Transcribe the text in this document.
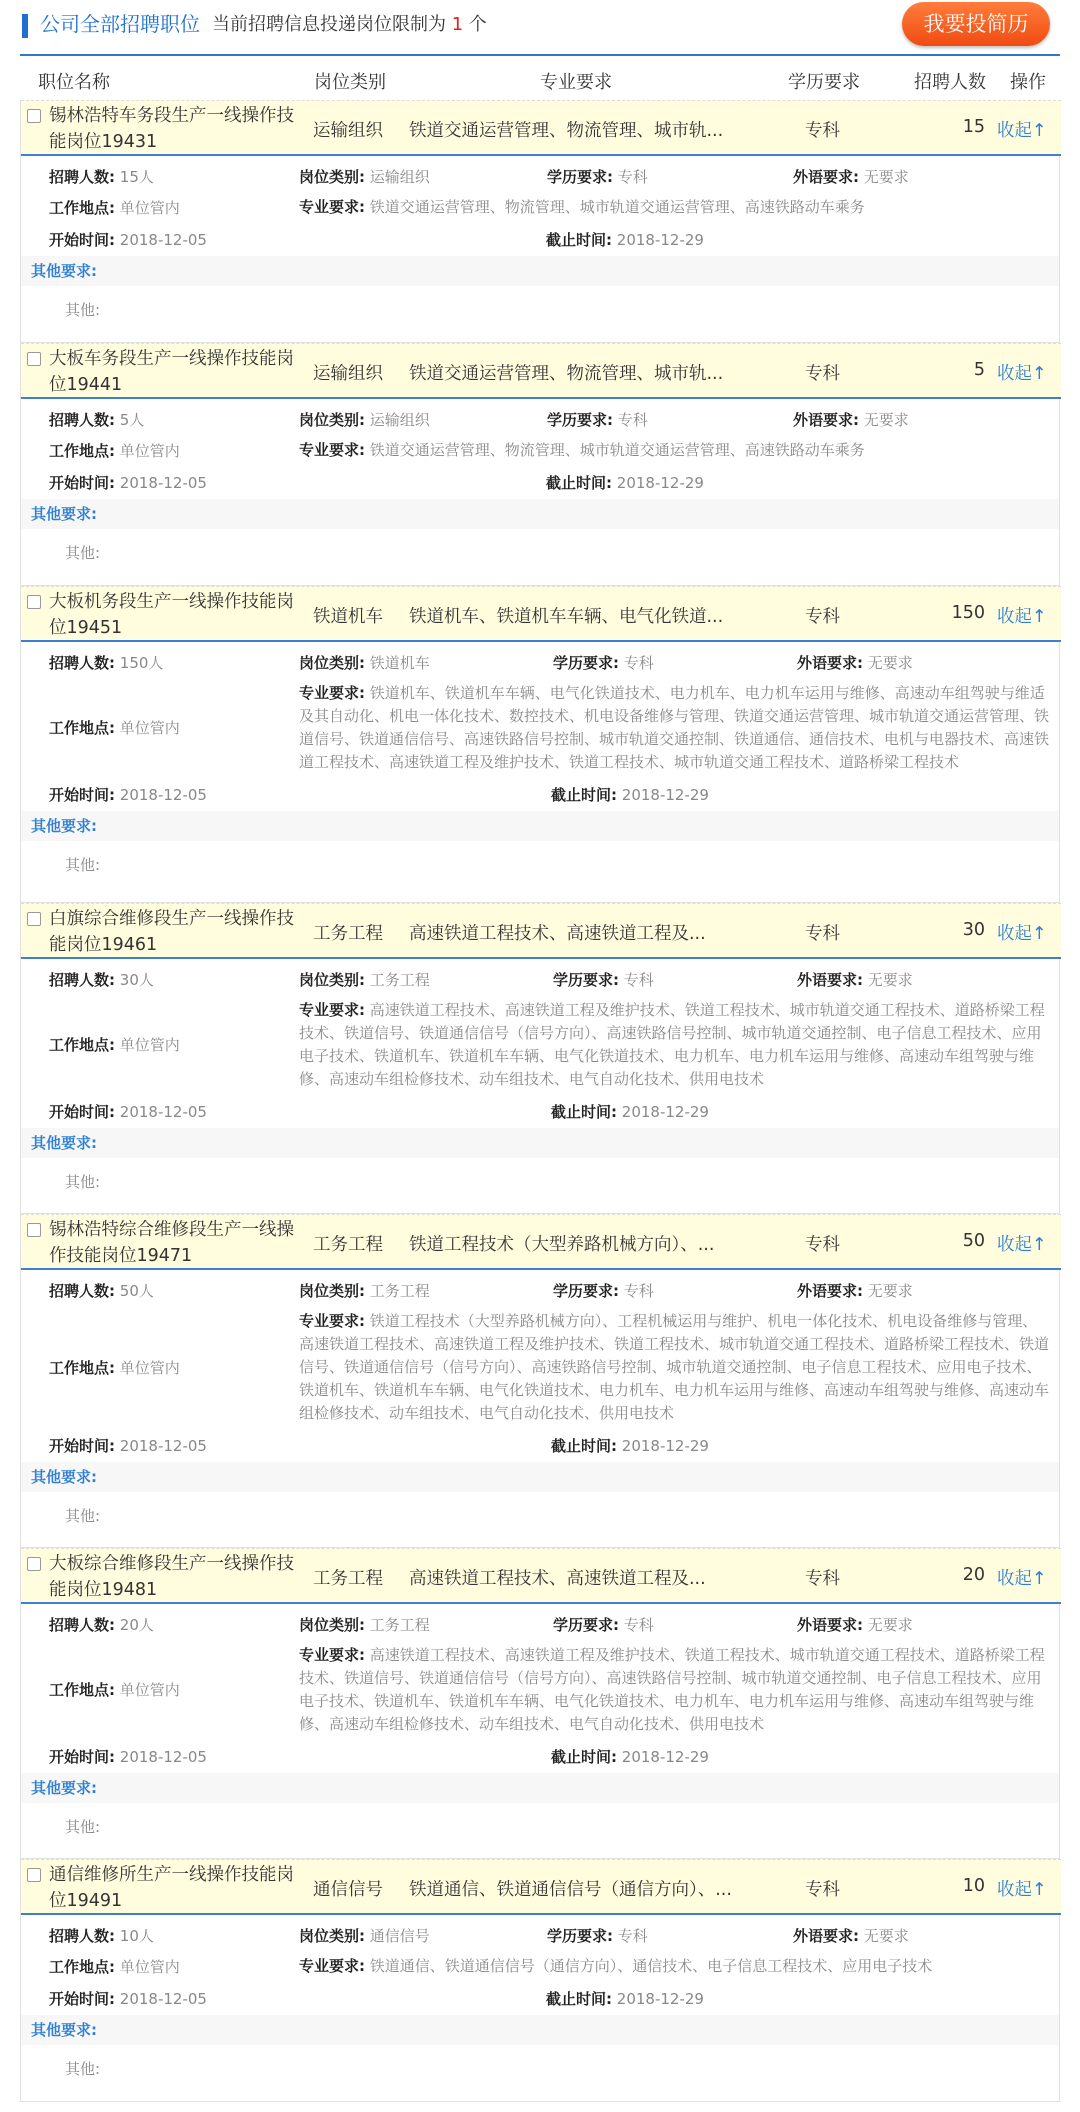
公司全部招聘职位 当前招聘信息投递岗位限制为 1 个	我要投简历
职位名称	岗位类别	专业要求	学历要求	招聘人数 操作
锡林浩特车务段生产一线操作技能岗位19431
运输组织 铁道交通运营管理、物流管理、城市轨...	专科	15 收起↑
招聘人数: 15人	岗位类别: 运输组织	学历要求: 专科	外语要求: 无要求
工作地点: 单位管内	专业要求: 铁道交通运营管理、物流管理、城市轨道交通运营管理、高速铁路动车乘务
开始时间: 2018-12-05	截止时间: 2018-12-29
其他要求:
其他:
大板车务段生产一线操作技能岗位19441
运输组织 铁道交通运营管理、物流管理、城市轨...	专科	5 收起↑
招聘人数: 5人	岗位类别: 运输组织	学历要求: 专科	外语要求: 无要求
工作地点: 单位管内	专业要求: 铁道交通运营管理、物流管理、城市轨道交通运营管理、高速铁路动车乘务
开始时间: 2018-12-05	截止时间: 2018-12-29
其他要求:
其他:
大板机务段生产一线操作技能岗位19451
铁道机车 铁道机车、铁道机车车辆、电气化铁道...	专科	150 收起↑
招聘人数: 150人	岗位类别: 铁道机车	学历要求: 专科	外语要求: 无要求
工作地点: 单位管内
专业要求: 铁道机车、铁道机车车辆、电气化铁道技术、电力机车、电力机车运用与维修、高速动车组驾驶与维适及其自动化、机电一体化技术、数控技术、机电设备维修与管理、铁道交通运营管理、城市轨道交通运营管理、铁道信号、铁道通信信号、高速铁路信号控制、城市轨道交通控制、铁道通信、通信技术、电机与电器技术、高速铁道工程技术、高速铁道工程及维护技术、铁道工程技术、城市轨道交通工程技术、道路桥梁工程技术
开始时间: 2018-12-05	截止时间: 2018-12-29
其他要求:
其他:
白旗综合维修段生产一线操作技能岗位19461
工务工程 高速铁道工程技术、高速铁道工程及...	专科	30 收起↑
招聘人数: 30人	岗位类别: 工务工程	学历要求: 专科	外语要求: 无要求
工作地点: 单位管内
专业要求: 高速铁道工程技术、高速铁道工程及维护技术、铁道工程技术、城市轨道交通工程技术、道路桥梁工程技术、铁道信号、铁道通信信号（信号方向）、高速铁路信号控制、城市轨道交通控制、电子信息工程技术、应用电子技术、铁道机车、铁道机车车辆、电气化铁道技术、电力机车、电力机车运用与维修、高速动车组驾驶与维修、高速动车组检修技术、动车组技术、电气自动化技术、供用电技术
开始时间: 2018-12-05	截止时间: 2018-12-29
其他要求:
其他:
锡林浩特综合维修段生产一线操作技能岗位19471
工务工程 铁道工程技术（大型养路机械方向）、...	专科	50 收起↑
招聘人数: 50人	岗位类别: 工务工程	学历要求: 专科	外语要求: 无要求
工作地点: 单位管内
专业要求: 铁道工程技术（大型养路机械方向）、工程机械运用与维护、机电一体化技术、机电设备维修与管理、高速铁道工程技术、高速铁道工程及维护技术、铁道工程技术、城市轨道交通工程技术、道路桥梁工程技术、铁道信号、铁道通信信号（信号方向）、高速铁路信号控制、城市轨道交通控制、电子信息工程技术、应用电子技术、铁道机车、铁道机车车辆、电气化铁道技术、电力机车、电力机车运用与维修、高速动车组驾驶与维修、高速动车组检修技术、动车组技术、电气自动化技术、供用电技术
开始时间: 2018-12-05	截止时间: 2018-12-29
其他要求:
其他:
大板综合维修段生产一线操作技能岗位19481
工务工程 高速铁道工程技术、高速铁道工程及...	专科	20 收起↑
招聘人数: 20人	岗位类别: 工务工程	学历要求: 专科	外语要求: 无要求
工作地点: 单位管内
专业要求: 高速铁道工程技术、高速铁道工程及维护技术、铁道工程技术、城市轨道交通工程技术、道路桥梁工程技术、铁道信号、铁道通信信号（信号方向）、高速铁路信号控制、城市轨道交通控制、电子信息工程技术、应用电子技术、铁道机车、铁道机车车辆、电气化铁道技术、电力机车、电力机车运用与维修、高速动车组驾驶与维修、高速动车组检修技术、动车组技术、电气自动化技术、供用电技术
开始时间: 2018-12-05	截止时间: 2018-12-29
其他要求:
其他:
通信维修所生产一线操作技能岗位19491
通信信号 铁道通信、铁道通信信号（通信方向）、...	专科	10 收起↑
招聘人数: 10人	岗位类别: 通信信号	学历要求: 专科	外语要求: 无要求
工作地点: 单位管内	专业要求: 铁道通信、铁道通信信号（通信方向）、通信技术、电子信息工程技术、应用电子技术
开始时间: 2018-12-05	截止时间: 2018-12-29
其他要求:
其他:
